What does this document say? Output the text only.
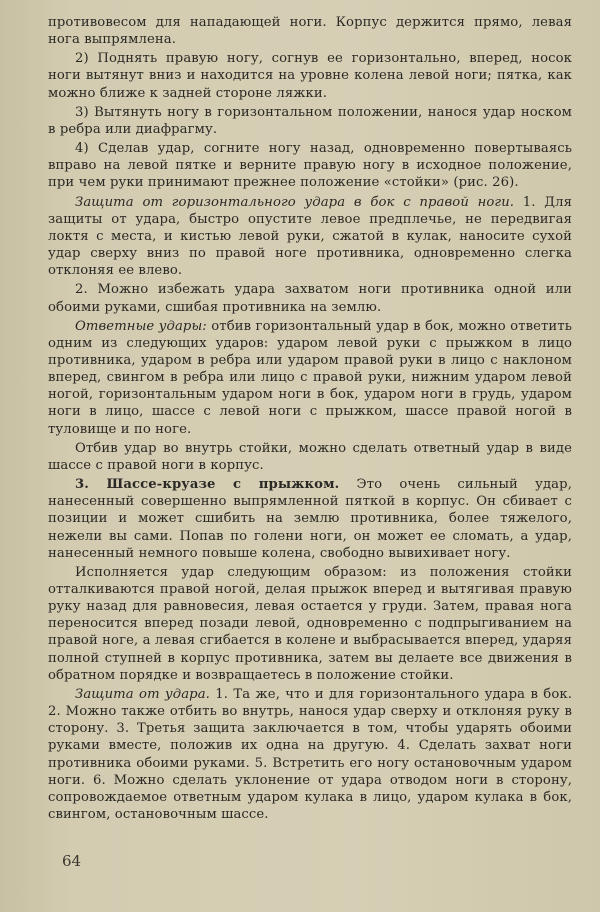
противовесом для нападающей ноги. Корпус держится прямо, левая нога выпрямлена.

2) Поднять правую ногу, согнув ее горизонтально, вперед, носок ноги вытянут вниз и находится на уровне колена левой ноги; пятка, как можно ближе к задней стороне ляжки.

3) Вытянуть ногу в горизонтальном положении, нанося удар носком в ребра или диафрагму.

4) Сделав удар, согните ногу назад, одновременно повертываясь вправо на левой пятке и верните правую ногу в исходное положение, при чем руки принимают прежнее положение «стойки» (рис. 26).

Защита от горизонтального удара в бок с правой ноги. 1. Для защиты от удара, быстро опустите левое предплечье, не передвигая локтя с места, и кистью левой руки, сжатой в кулак, наносите сухой удар сверху вниз по правой ноге противника, одновременно слегка отклоняя ее влево.

2. Можно избежать удара захватом ноги противника одной или обоими руками, сшибая противника на землю.

Ответные удары: отбив горизонтальный удар в бок, можно ответить одним из следующих ударов: ударом левой руки с прыжком в лицо противника, ударом в ребра или ударом правой руки в лицо с наклоном вперед, свингом в ребра или лицо с правой руки, нижним ударом левой ногой, горизонтальным ударом ноги в бок, ударом ноги в грудь, ударом ноги в лицо, шассе с левой ноги с прыжком, шассе правой ногой в туловище и по ноге.

Отбив удар во внутрь стойки, можно сделать ответный удар в виде шассе с правой ноги в корпус.

3. Шассе-круазе с прыжком. Это очень сильный удар, нанесенный совершенно выпрямленной пяткой в корпус. Он сбивает с позиции и может сшибить на землю противника, более тяжелого, нежели вы сами. Попав по голени ноги, он может ее сломать, а удар, нанесенный немного повыше колена, свободно вывихивает ногу.

Исполняется удар следующим образом: из положения стойки отталкиваются правой ногой, делая прыжок вперед и вытягивая правую руку назад для равновесия, левая остается у груди. Затем, правая нога переносится вперед позади левой, одновременно с подпрыгиванием на правой ноге, а левая сгибается в колене и выбрасывается вперед, ударяя полной ступней в корпус противника, затем вы делаете все движения в обратном порядке и возвращаетесь в положение стойки.

Защита от удара. 1. Та же, что и для горизонтального удара в бок. 2. Можно также отбить во внутрь, нанося удар сверху и отклоняя руку в сторону. 3. Третья защита заключается в том, чтобы ударять обоими руками вместе, положив их одна на другую. 4. Сделать захват ноги противника обоими руками. 5. Встретить его ногу остановочным ударом ноги. 6. Можно сделать уклонение от удара отводом ноги в сторону, сопровождаемое ответным ударом кулака в лицо, ударом кулака в бок, свингом, остановочным шассе.

64
